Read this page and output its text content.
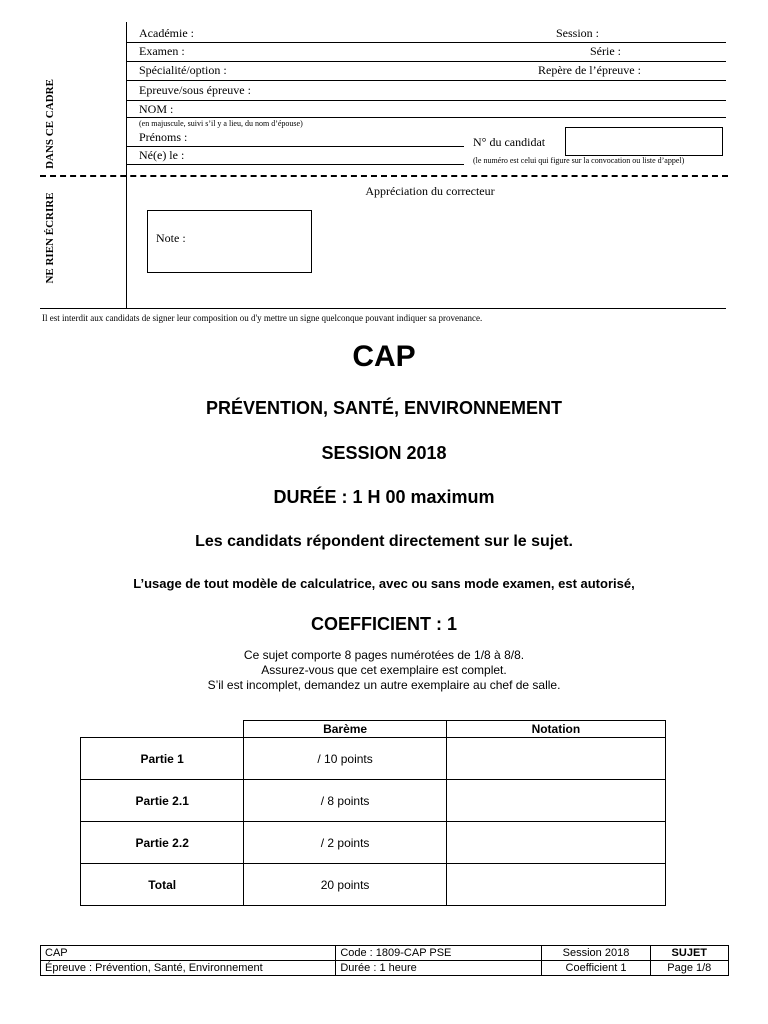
DANS CE CADRE
NE RIEN ÉCRIRE
Académie :	Session :
Examen :	Série :
Spécialité/option :	Repère de l’épreuve :
Epreuve/sous épreuve :
NOM :
(en majuscule, suivi s’il y a lieu, du nom d’épouse)
Prénoms :	N° du candidat
Né(e) le :	(le numéro est celui qui figure sur la convocation ou liste d’appel)
Appréciation du correcteur
Note :
Il est interdit aux candidats de signer leur composition ou d'y mettre un signe quelconque pouvant indiquer sa provenance.
CAP
PRÉVENTION, SANTÉ, ENVIRONNEMENT
SESSION 2018
DURÉE : 1 H 00 maximum
Les candidats répondent directement sur le sujet.
L’usage de tout modèle de calculatrice, avec ou sans mode examen, est autorisé,
COEFFICIENT : 1
Ce sujet comporte 8 pages numérotées de 1/8 à 8/8.
Assurez-vous que cet exemplaire est complet.
S’il est incomplet, demandez un autre exemplaire au chef de salle.
	Barème	Notation
Partie 1	/ 10 points	
Partie 2.1	/ 8 points	
Partie 2.2	/ 2 points	
Total	20 points	
CAP	Code : 1809-CAP PSE	Session 2018	SUJET
Épreuve : Prévention, Santé, Environnement	Durée : 1 heure	Coefficient 1	Page 1/8
